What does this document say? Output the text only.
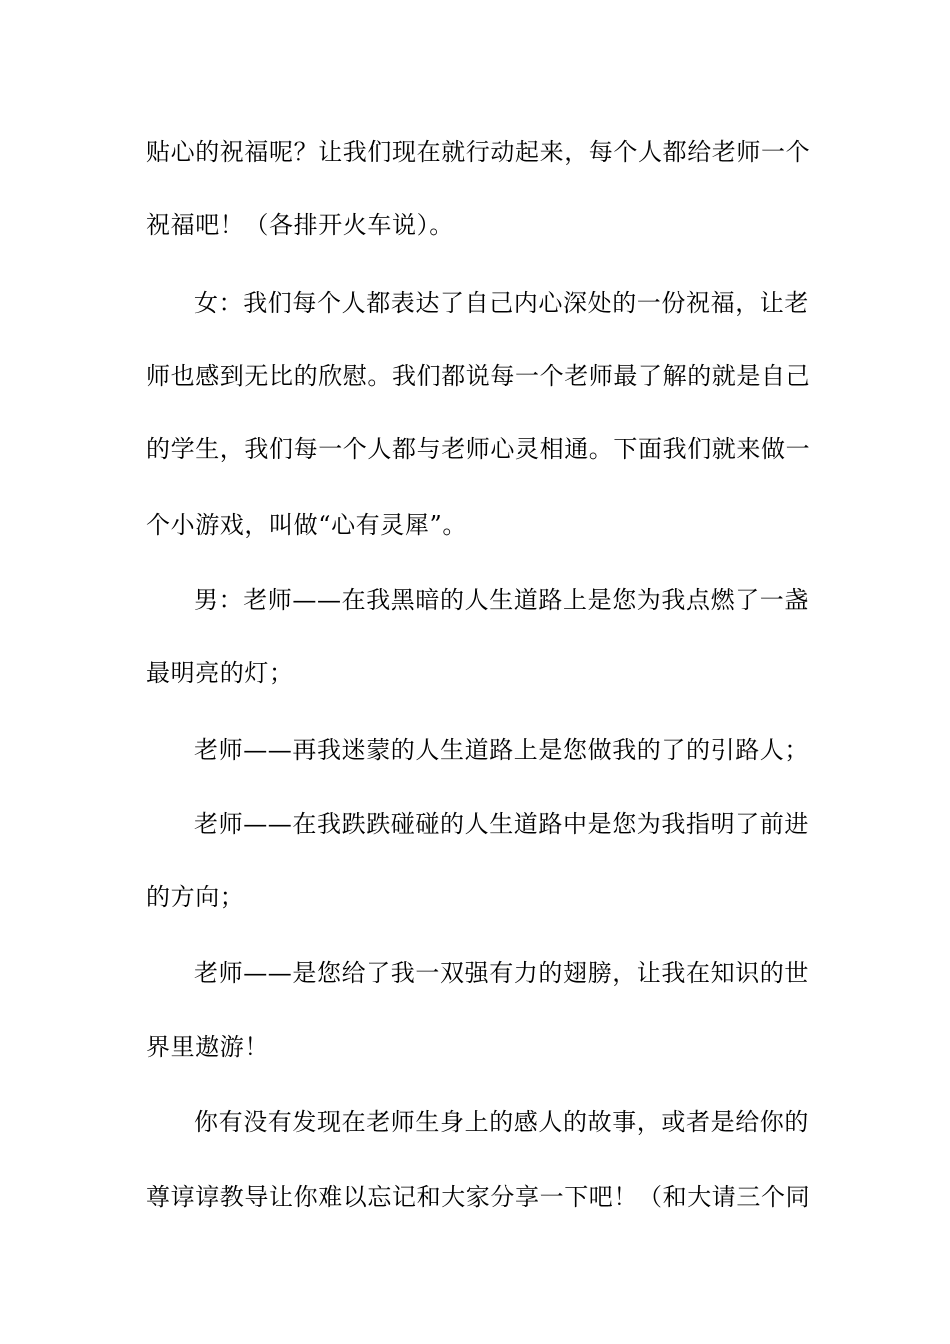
贴心的祝福呢？让我们现在就行动起来，每个人都给老师一个
祝福吧！（各排开火车说）。
女：我们每个人都表达了自己内心深处的一份祝福，让老
师也感到无比的欣慰。我们都说每一个老师最了解的就是自己
的学生，我们每一个人都与老师心灵相通。下面我们就来做一
个小游戏，叫做“心有灵犀”。
男：老师——在我黑暗的人生道路上是您为我点燃了一盏
最明亮的灯；
老师——再我迷蒙的人生道路上是您做我的了的引路人；
老师——在我跌跌碰碰的人生道路中是您为我指明了前进
的方向；
老师——是您给了我一双强有力的翅膀，让我在知识的世
界里遨游！
你有没有发现在老师生身上的感人的故事，或者是给你的
尊谆谆教导让你难以忘记和大家分享一下吧！（和大请三个同
